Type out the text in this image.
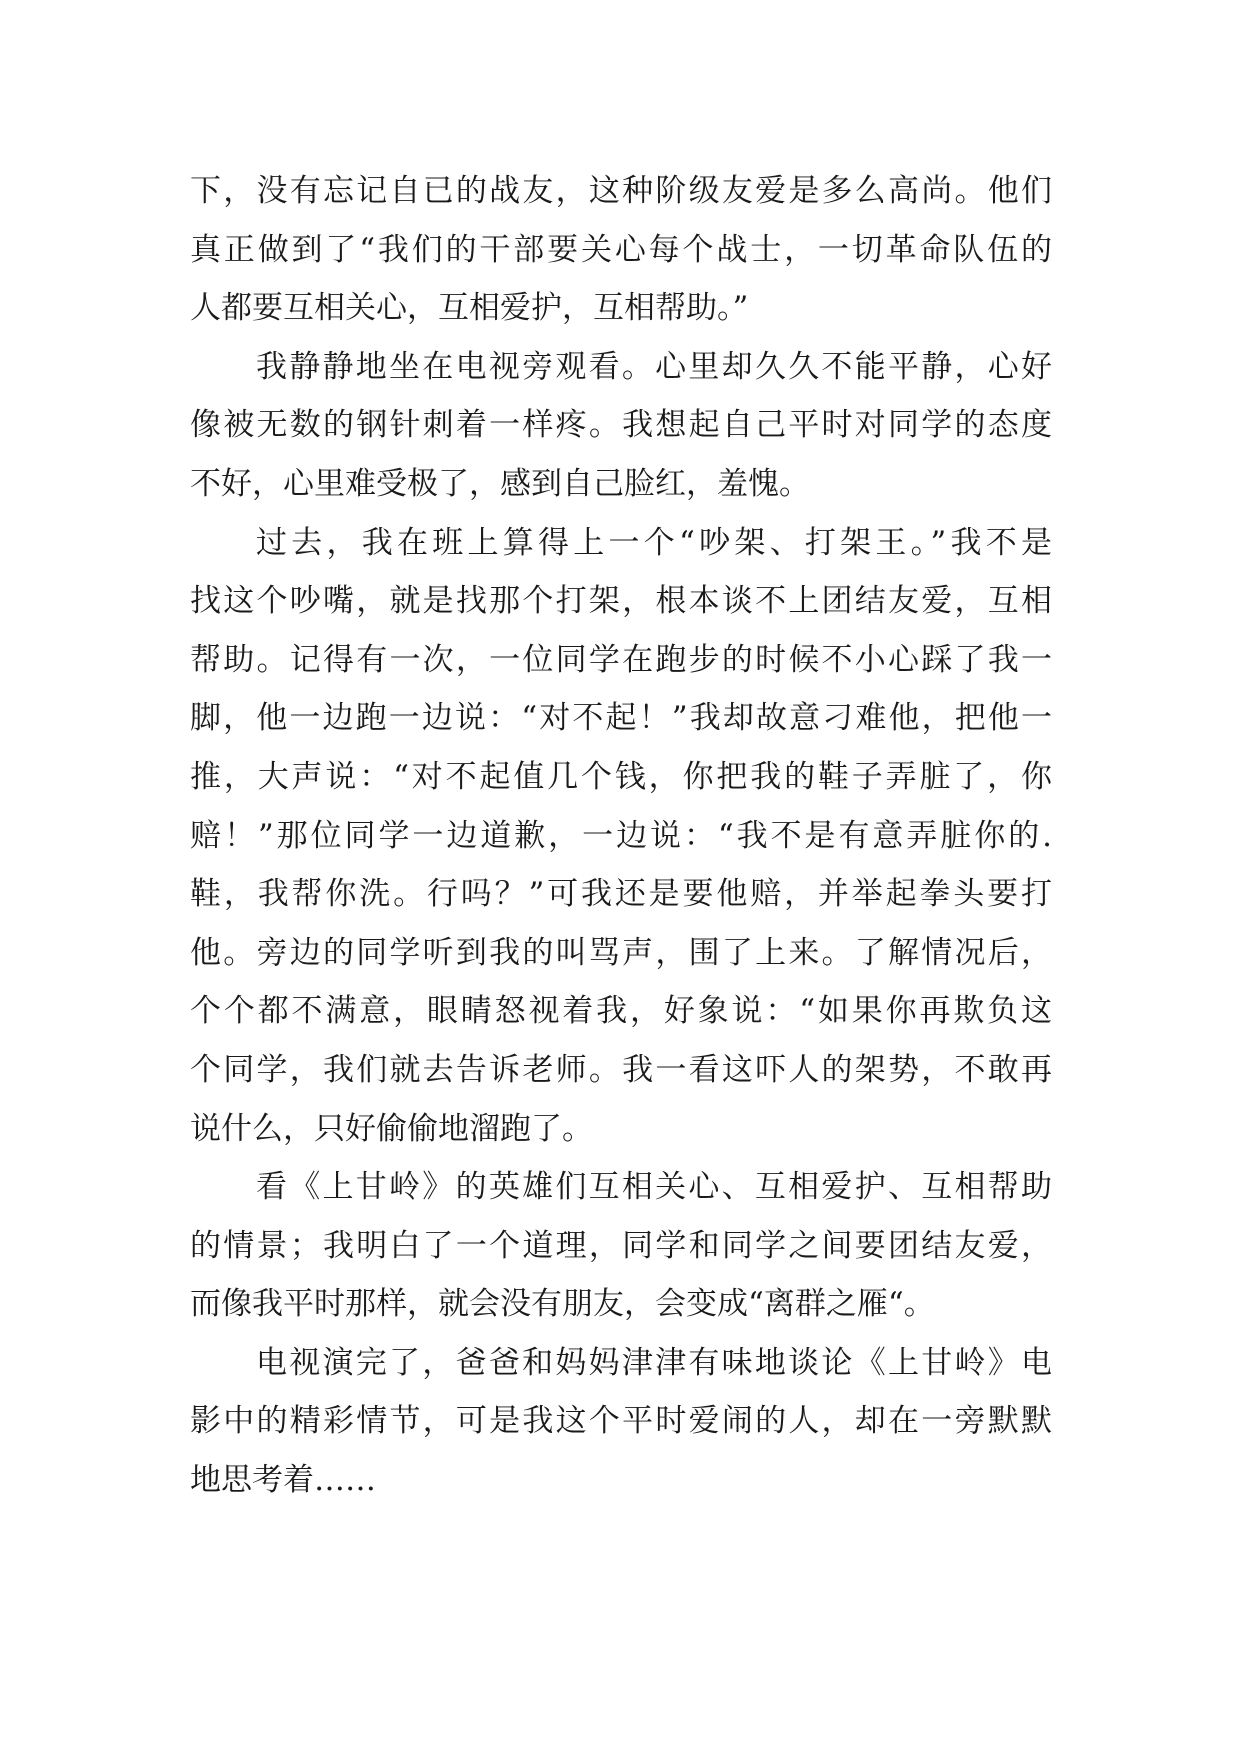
下，没有忘记自已的战友，这种阶级友爱是多么高尚。他们
真正做到了“我们的干部要关心每个战士，一切革命队伍的
人都要互相关心，互相爱护，互相帮助。”
我静静地坐在电视旁观看。心里却久久不能平静，心好
像被无数的钢针刺着一样疼。我想起自己平时对同学的态度
不好，心里难受极了，感到自己脸红，羞愧。
过去，我在班上算得上一个“吵架、打架王。”我不是
找这个吵嘴，就是找那个打架，根本谈不上团结友爱，互相
帮助。记得有一次，一位同学在跑步的时候不小心踩了我一
脚，他一边跑一边说：“对不起！”我却故意刁难他，把他一
推，大声说：“对不起值几个钱，你把我的鞋子弄脏了，你
赔！”那位同学一边道歉，一边说：“我不是有意弄脏你的.
鞋，我帮你洗。行吗？”可我还是要他赔，并举起拳头要打
他。旁边的同学听到我的叫骂声，围了上来。了解情况后，
个个都不满意，眼睛怒视着我，好象说：“如果你再欺负这
个同学，我们就去告诉老师。我一看这吓人的架势，不敢再
说什么，只好偷偷地溜跑了。
看《上甘岭》的英雄们互相关心、互相爱护、互相帮助
的情景；我明白了一个道理，同学和同学之间要团结友爱，
而像我平时那样，就会没有朋友，会变成“离群之雁“。
电视演完了，爸爸和妈妈津津有味地谈论《上甘岭》电
影中的精彩情节，可是我这个平时爱闹的人，却在一旁默默
地思考着……
